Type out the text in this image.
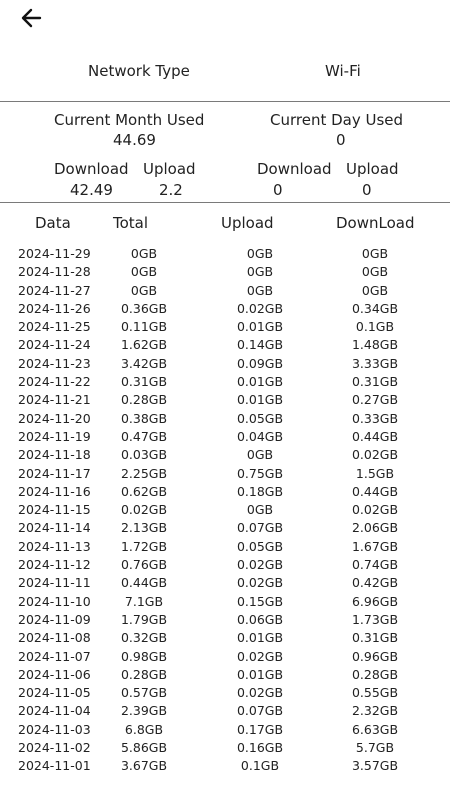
Network Type	Wi-Fi
Current Month Used
44.69
Current Day Used
0
Download Upload
42.49	2.2
Download Upload
0	0
Data	Total	Upload	DownLoad
2024-11-29	0GB	0GB	0GB
2024-11-28	0GB	0GB	0GB
2024-11-27	0GB	0GB	0GB
2024-11-26 0.36GB	0.02GB	0.34GB
2024-11-25 0.11GB	0.01GB	0.1GB
2024-11-24 1.62GB	0.14GB	1.48GB
2024-11-23 3.42GB	0.09GB	3.33GB
2024-11-22 0.31GB	0.01GB	0.31GB
2024-11-21 0.28GB	0.01GB	0.27GB
2024-11-20 0.38GB	0.05GB	0.33GB
2024-11-19 0.47GB	0.04GB	0.44GB
2024-11-18 0.03GB	0GB	0.02GB
2024-11-17 2.25GB	0.75GB	1.5GB
2024-11-16 0.62GB	0.18GB	0.44GB
2024-11-15 0.02GB	0GB	0.02GB
2024-11-14 2.13GB	0.07GB	2.06GB
2024-11-13 1.72GB	0.05GB	1.67GB
2024-11-12 0.76GB	0.02GB	0.74GB
2024-11-11 0.44GB	0.02GB	0.42GB
2024-11-10	7.1GB	0.15GB	6.96GB
2024-11-09 1.79GB	0.06GB	1.73GB
2024-11-08 0.32GB	0.01GB	0.31GB
2024-11-07 0.98GB	0.02GB	0.96GB
2024-11-06 0.28GB	0.01GB	0.28GB
2024-11-05 0.57GB	0.02GB	0.55GB
2024-11-04 2.39GB	0.07GB	2.32GB
2024-11-03	6.8GB	0.17GB	6.63GB
2024-11-02 5.86GB	0.16GB	5.7GB
2024-11-01 3.67GB	0.1GB	3.57GB
